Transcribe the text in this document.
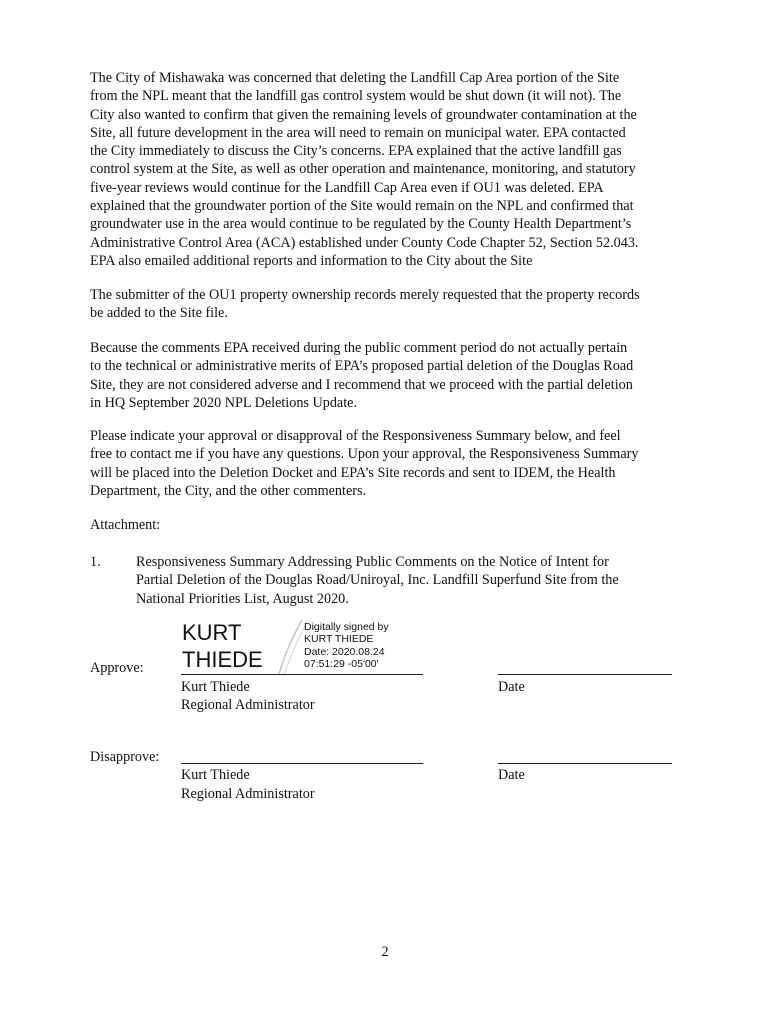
The City of Mishawaka was concerned that deleting the Landfill Cap Area portion of the Site
from the NPL meant that the landfill gas control system would be shut down (it will not). The
City also wanted to confirm that given the remaining levels of groundwater contamination at the
Site, all future development in the area will need to remain on municipal water. EPA contacted
the City immediately to discuss the City’s concerns. EPA explained that the active landfill gas
control system at the Site, as well as other operation and maintenance, monitoring, and statutory
five-year reviews would continue for the Landfill Cap Area even if OU1 was deleted. EPA
explained that the groundwater portion of the Site would remain on the NPL and confirmed that
groundwater use in the area would continue to be regulated by the County Health Department’s
Administrative Control Area (ACA) established under County Code Chapter 52, Section 52.043.
EPA also emailed additional reports and information to the City about the Site
The submitter of the OU1 property ownership records merely requested that the property records
be added to the Site file.
Because the comments EPA received during the public comment period do not actually pertain
to the technical or administrative merits of EPA’s proposed partial deletion of the Douglas Road
Site, they are not considered adverse and I recommend that we proceed with the partial deletion
in HQ September 2020 NPL Deletions Update.
Please indicate your approval or disapproval of the Responsiveness Summary below, and feel
free to contact me if you have any questions. Upon your approval, the Responsiveness Summary
will be placed into the Deletion Docket and EPA’s Site records and sent to IDEM, the Health
Department, the City, and the other commenters.
Attachment:
1. Responsiveness Summary Addressing Public Comments on the Notice of Intent for
Partial Deletion of the Douglas Road/Uniroyal, Inc. Landfill Superfund Site from the
National Priorities List, August 2020.
Approve:
KURT
THIEDE
Digitally signed by
KURT THIEDE
Date: 2020.08.24
07:51:29 -05'00'
Kurt Thiede
Regional Administrator
Date
Disapprove:
Kurt Thiede
Regional Administrator
Date
2
